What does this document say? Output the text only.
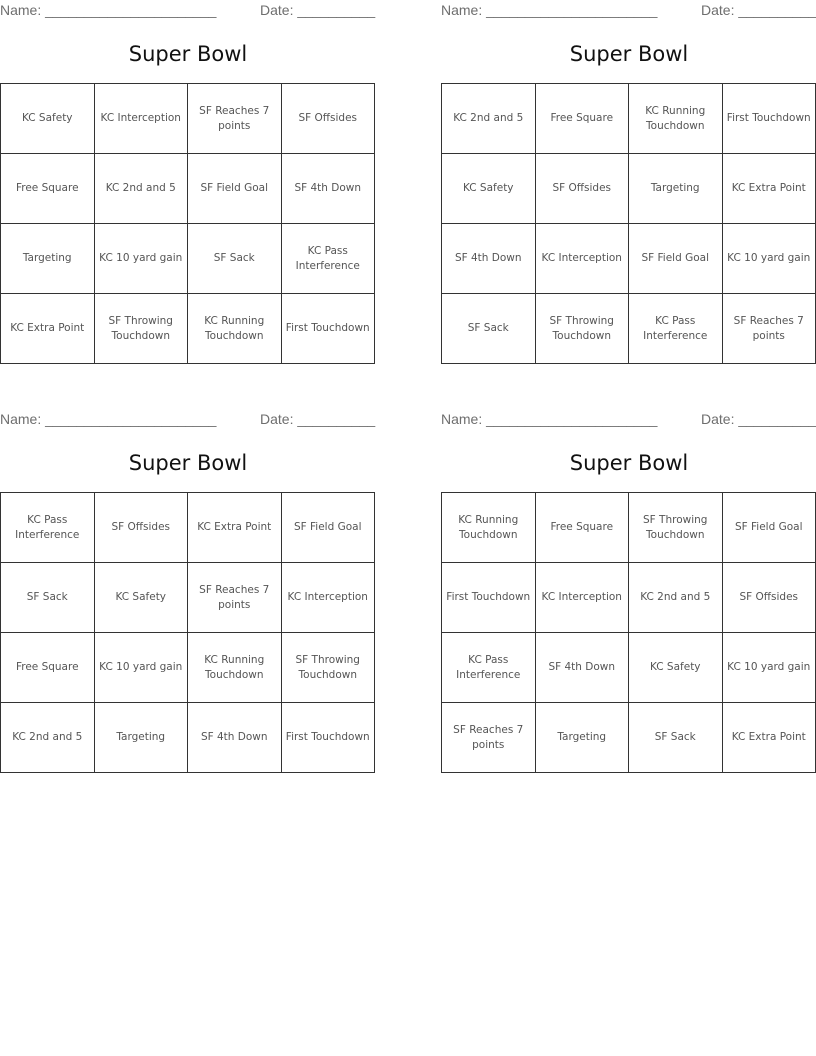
Name: ______________________	Date: __________
Super Bowl
KC Safety	KC Interception	SF Reaches 7 points	SF Offsides
Free Square	KC 2nd and 5	SF Field Goal	SF 4th Down
Targeting	KC 10 yard gain	SF Sack	KC Pass Interference
KC Extra Point	SF Throwing Touchdown	KC Running Touchdown	First Touchdown
Name: ______________________	Date: __________
Super Bowl
KC 2nd and 5	Free Square	KC Running Touchdown	First Touchdown
KC Safety	SF Offsides	Targeting	KC Extra Point
SF 4th Down	KC Interception	SF Field Goal	KC 10 yard gain
SF Sack	SF Throwing Touchdown	KC Pass Interference	SF Reaches 7 points
Name: ______________________	Date: __________
Super Bowl
KC Pass Interference	SF Offsides	KC Extra Point	SF Field Goal
SF Sack	KC Safety	SF Reaches 7 points	KC Interception
Free Square	KC 10 yard gain	KC Running Touchdown	SF Throwing Touchdown
KC 2nd and 5	Targeting	SF 4th Down	First Touchdown
Name: ______________________	Date: __________
Super Bowl
KC Running Touchdown	Free Square	SF Throwing Touchdown	SF Field Goal
First Touchdown	KC Interception	KC 2nd and 5	SF Offsides
KC Pass Interference	SF 4th Down	KC Safety	KC 10 yard gain
SF Reaches 7 points	Targeting	SF Sack	KC Extra Point
